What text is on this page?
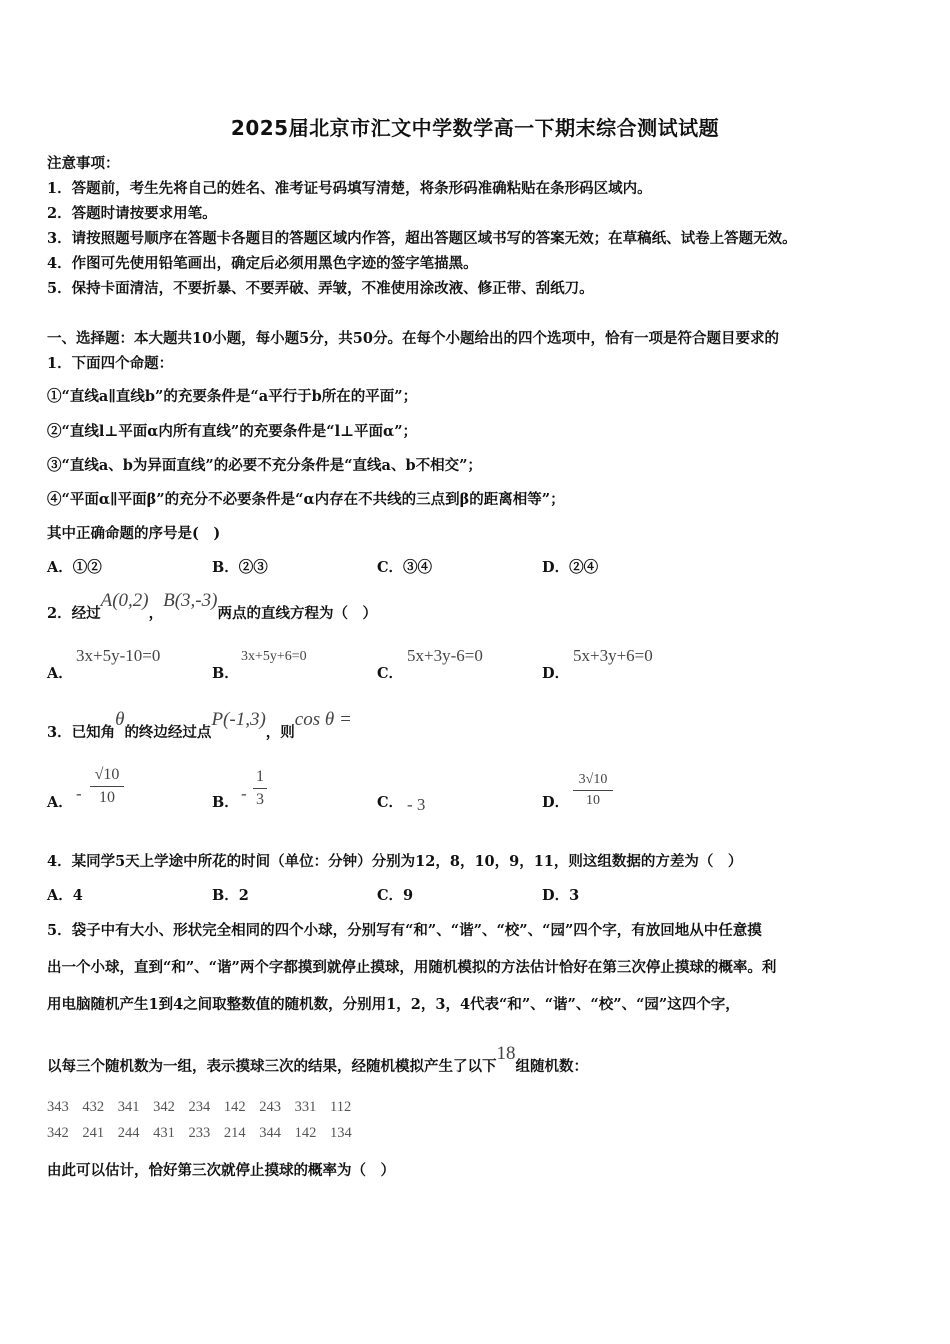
2025届北京市汇文中学数学高一下期末综合测试试题
注意事项：
1．答题前，考生先将自己的姓名、准考证号码填写清楚，将条形码准确粘贴在条形码区域内。
2．答题时请按要求用笔。
3．请按照题号顺序在答题卡各题目的答题区域内作答，超出答题区域书写的答案无效；在草稿纸、试卷上答题无效。
4．作图可先使用铅笔画出，确定后必须用黑色字迹的签字笔描黑。
5．保持卡面清洁，不要折暴、不要弄破、弄皱，不准使用涂改液、修正带、刮纸刀。
一、选择题：本大题共10小题，每小题5分，共50分。在每个小题给出的四个选项中，恰有一项是符合题目要求的
1．下面四个命题：
①“直线a∥直线b”的充要条件是“a平行于b所在的平面”；
②“直线l⊥平面α内所有直线”的充要条件是“l⊥平面α”；
③“直线a、b为异面直线”的必要不充分条件是“直线a、b不相交”；
④“平面α∥平面β”的充分不必要条件是“α内存在不共线的三点到β的距离相等”；
其中正确命题的序号是(　)
A．①②	B．②③	C．③④	D．②④
2．经过A(0,2)，B(3,-3)两点的直线方程为（　）
A．
3x+5y-10=0
B．
3x+5y+6=0
C．
5x+3y-6=0
D．
5x+3y+6=0
3．已知角θ的终边经过点P(-1,3)，则cos θ =
A． -
√10
10	B． -
1
3	C． - 3	D．
3√10
10
4．某同学5天上学途中所花的时间（单位：分钟）分别为12，8，10，9，11，则这组数据的方差为（　）
A．4	B．2	C．9	D．3
5．袋子中有大小、形状完全相同的四个小球，分别写有“和”、“谐”、“校”、“园”四个字，有放回地从中任意摸
出一个小球，直到“和”、“谐”两个字都摸到就停止摸球，用随机模拟的方法估计恰好在第三次停止摸球的概率。利
用电脑随机产生1到4之间取整数值的随机数，分别用1，2，3，4代表“和”、“谐”、“校”、“园”这四个字，
以每三个随机数为一组，表示摸球三次的结果，经随机模拟产生了以下18组随机数：
343 432 341 342 234 142 243 331 112
342 241 244 431 233 214 344 142 134
由此可以估计，恰好第三次就停止摸球的概率为（　）
